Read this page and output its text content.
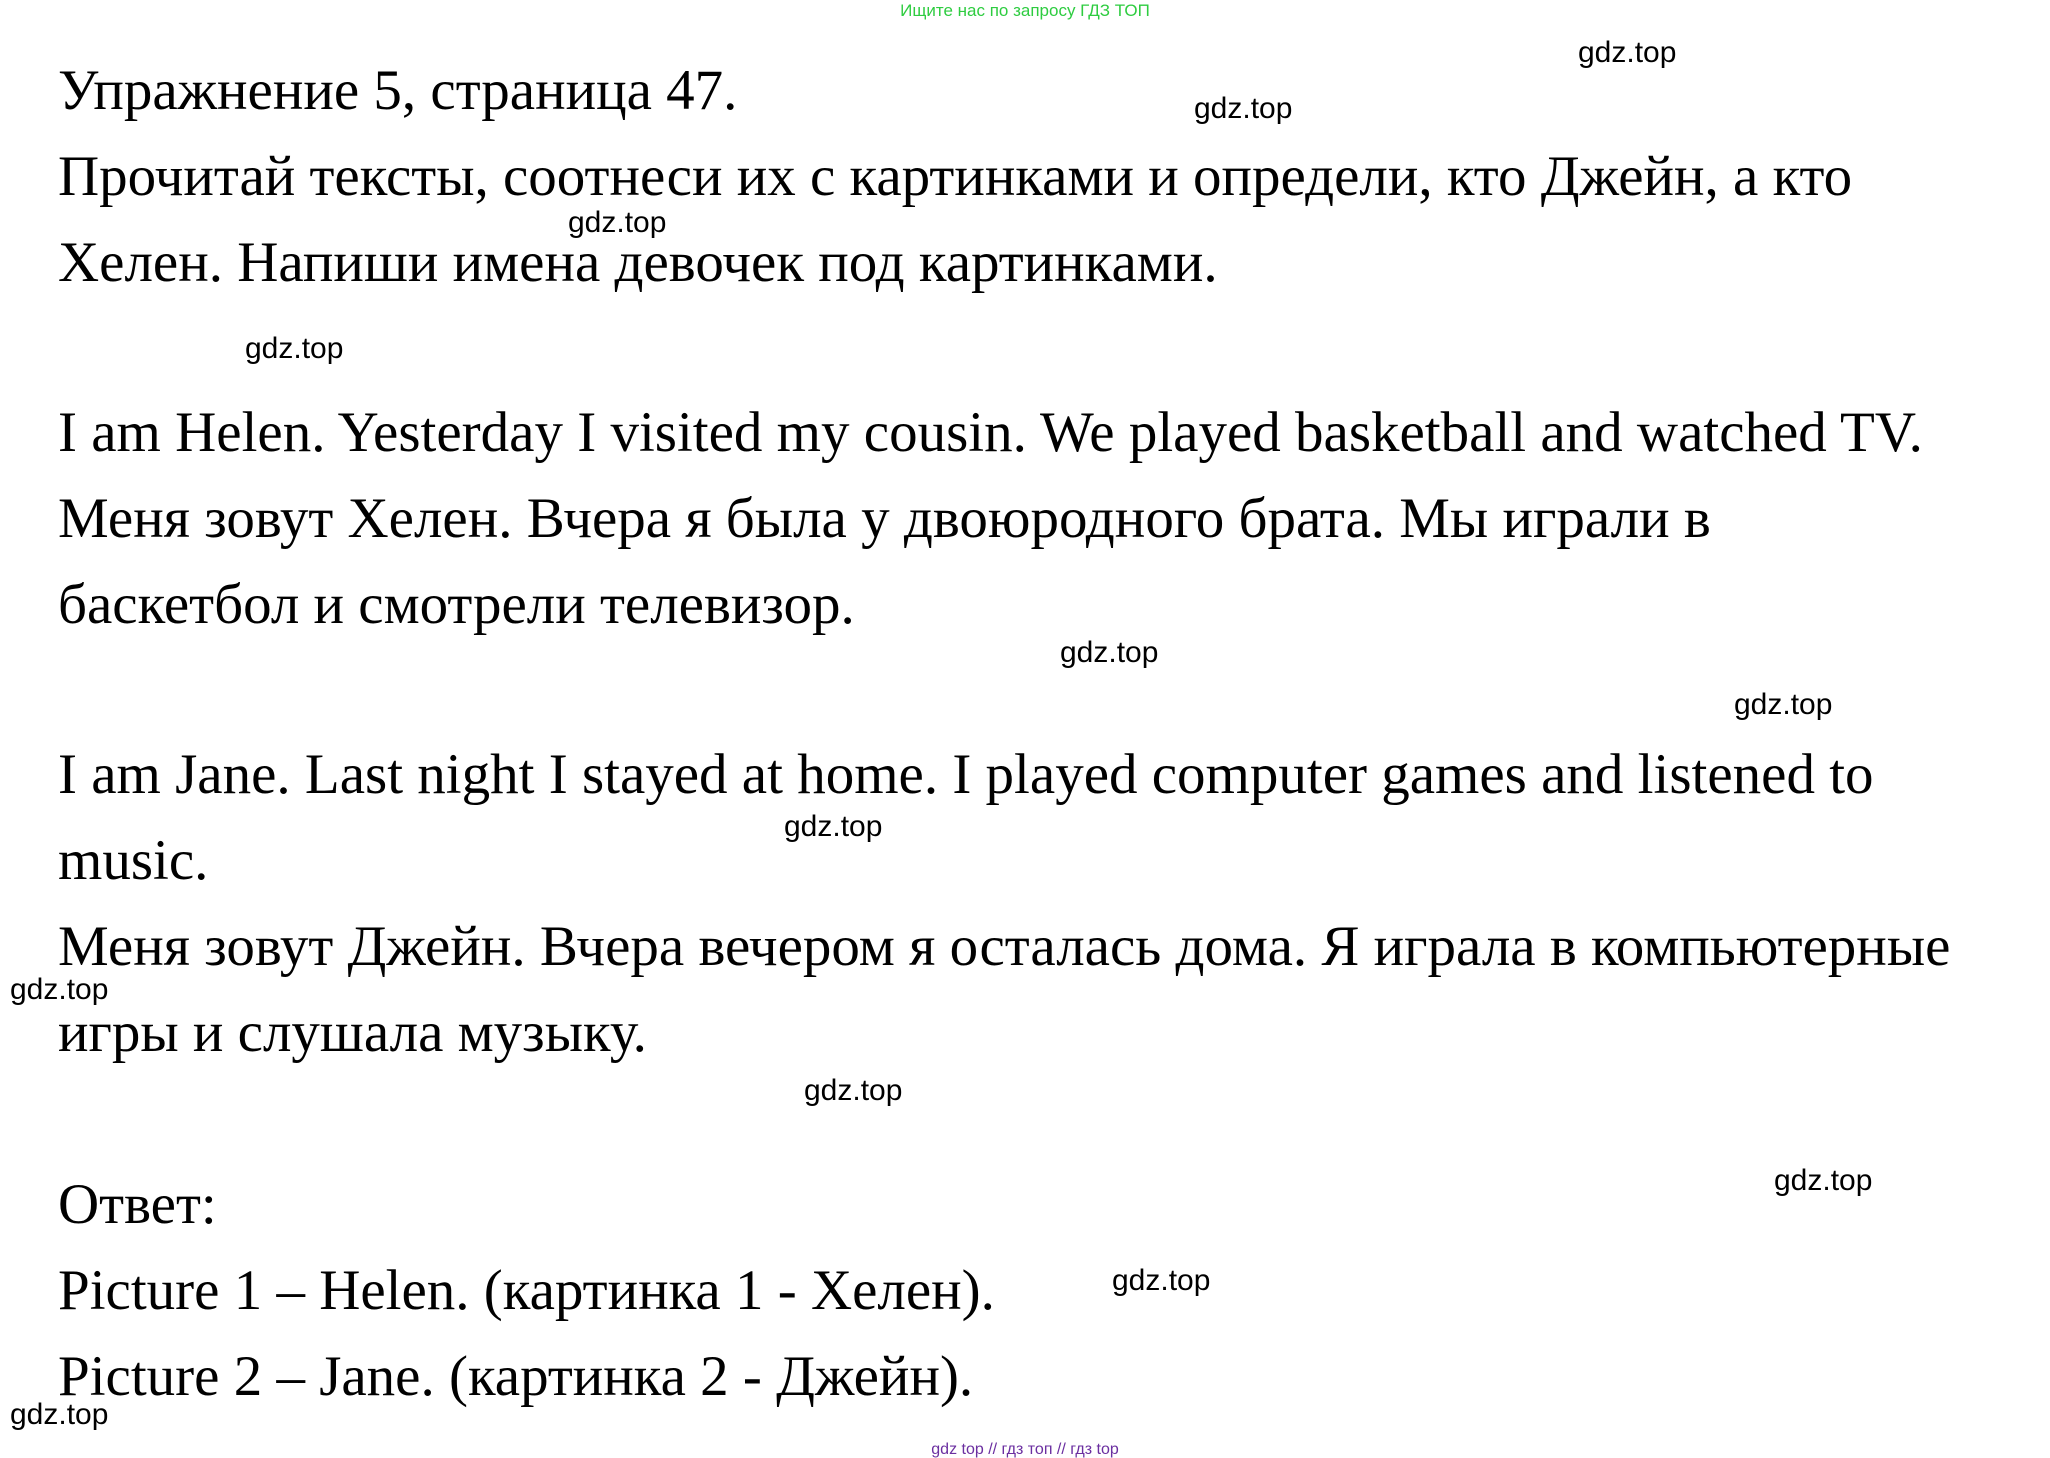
Ищите нас по запросу ГДЗ ТОП
Упражнение 5, страница 47.
Прочитай тексты, соотнеси их с картинками и определи, кто Джейн, а кто
Хелен. Напиши имена девочек под картинками.
I am Helen. Yesterday I visited my cousin. We played basketball and watched TV.
Меня зовут Хелен. Вчера я была у двоюродного брата. Мы играли в
баскетбол и смотрели телевизор.
I am Jane. Last night I stayed at home. I played computer games and listened to
music.
Меня зовут Джейн. Вчера вечером я осталась дома. Я играла в компьютерные
игры и слушала музыку.
Ответ:
Picture 1 – Helen. (картинка 1 - Хелен).
Picture 2 – Jane. (картинка 2 - Джейн).
gdz.top
gdz.top
gdz.top
gdz.top
gdz.top
gdz.top
gdz.top
gdz.top
gdz.top
gdz.top
gdz.top
gdz.top
gdz top // гдз топ // гдз top
